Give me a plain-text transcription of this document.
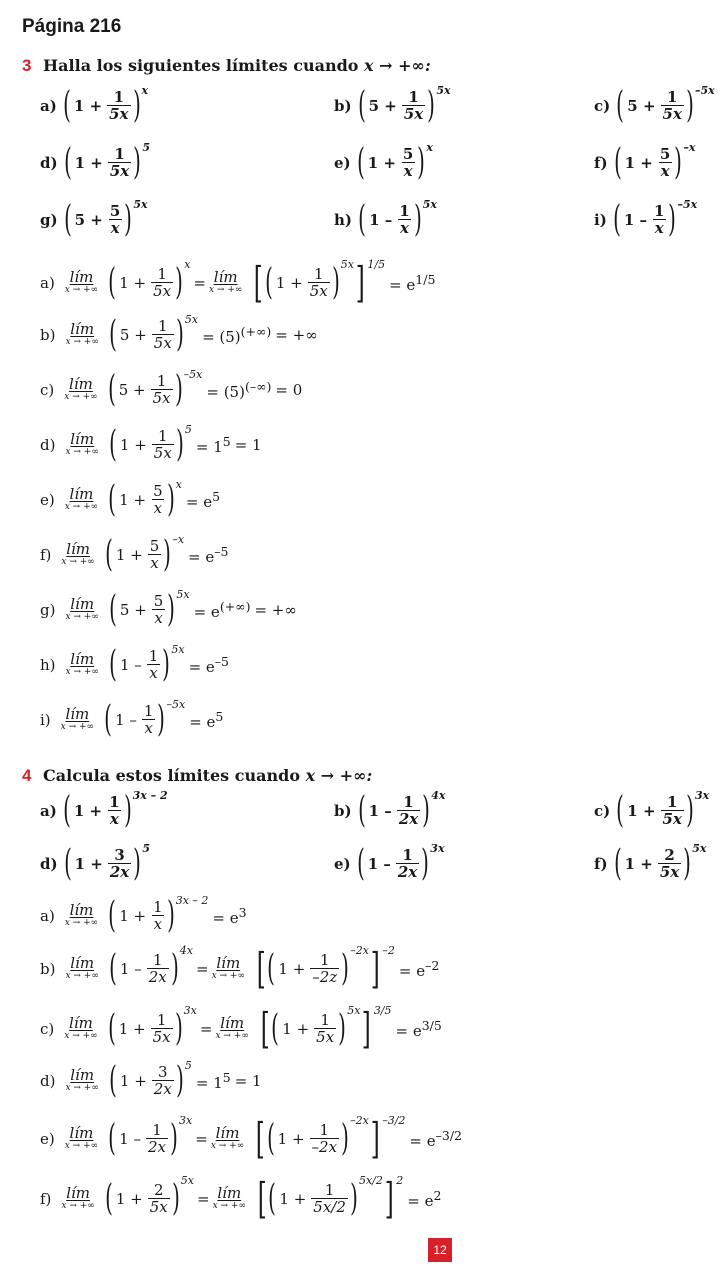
Página 216
3 Halla los siguientes límites cuando x → +∞:
a) ( $1 + \frac{1}{5x}$ ) x
b) ( $5 + \frac{1}{5x}$ ) 5x
c) ( $5 + \frac{1}{5x}$ ) –5x
d) ( $1 + \frac{1}{5x}$ ) 5
e) ( $1 + \frac{5}{x}$ ) x
f) ( $1 + \frac{5}{x}$ ) –x
g) ( $5 + \frac{5}{x}$ ) 5x
h) ( $1 - \frac{1}{x}$ ) 5x
i) ( $1 - \frac{1}{x}$ ) –5x
a) lím
x → +∞ ( $1 + \frac{1}{5x}$ ) x
= lím
x → +∞ [ ( $1 + \frac{1}{5x}$ ) 5x ] 1/5
= $e^{1/5}$
b) lím
x → +∞ ( $5 + \frac{1}{5x}$ ) 5x
= (5)(+∞) = +∞
c) lím
x → +∞ ( $5 + \frac{1}{5x}$ ) –5x
= (5)(–∞) = 0
d) lím
x → +∞ ( $1 + \frac{1}{5x}$ ) 5
= $1^5 = 1$
e) lím
x → +∞ ( $1 + \frac{5}{x}$ ) x
= $e^5$
f) lím
x → +∞ ( $1 + \frac{5}{x}$ ) –x
= $e^{-5}$
g) lím
x → +∞ ( $5 + \frac{5}{x}$ ) 5x
= e(+∞) = +∞
h) lím
x → +∞ ( $1 - \frac{1}{x}$ ) 5x
= $e^{-5}$
i) lím
x → +∞ ( $1 - \frac{1}{x}$ ) –5x
= $e^5$
4 Calcula estos límites cuando x → +∞:
a) ( $1 + \frac{1}{x}$ ) 3x – 2
b) ( $1 - \frac{1}{2x}$ ) 4x
c) ( $1 + \frac{1}{5x}$ ) 3x
d) ( $1 + \frac{3}{2x}$ ) 5
e) ( $1 - \frac{1}{2x}$ ) 3x
f) ( $1 + \frac{2}{5x}$ ) 5x
a) lím
x → +∞ ( $1 + \frac{1}{x}$ ) 3x – 2
= $e^3$
b) lím
x → +∞ ( $1 - \frac{1}{2x}$ ) 4x
= lím
x → +∞ [ ( $1 + \frac{1}{-2z}$ ) –2x ] –2
= $e^{-2}$
c) lím
x → +∞ ( $1 + \frac{1}{5x}$ ) 3x
= lím
x → +∞ [ ( $1 + \frac{1}{5x}$ ) 5x ] 3/5
= $e^{3/5}$
d) lím
x → +∞ ( $1 + \frac{3}{2x}$ ) 5
= $1^5 = 1$
e) lím
x → +∞ ( $1 - \frac{1}{2x}$ ) 3x
= lím
x → +∞ [ ( $1 + \frac{1}{-2x}$ ) –2x ] –3/2
= $e^{-3/2}$
f) lím
x → +∞ ( $1 + \frac{2}{5x}$ ) 5x
= lím
x → +∞ [ ( $1 + \frac{1}{5x/2}$ ) 5x/2 ] 2
= $e^2$
12
